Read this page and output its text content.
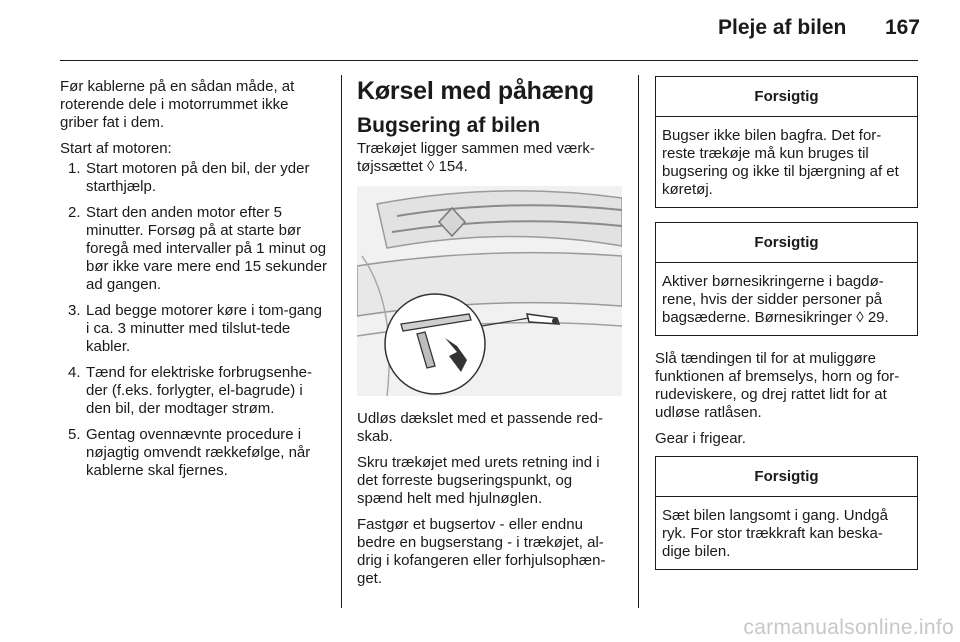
Pleje af bilen 167

Før kablerne på en sådan måde, at roterende dele i motorrummet ikke griber fat i dem.

Start af motoren:

1. Start motoren på den bil, der yder starthjælp.
2. Start den anden motor efter 5 minutter. Forsøg på at starte bør foregå med intervaller på 1 minut og bør ikke vare mere end 15 sekunder ad gangen.
3. Lad begge motorer køre i tom-gang i ca. 3 minutter med tilslut-tede kabler.
4. Tænd for elektriske forbrugsenhe-der (f.eks. forlygter, el-bagrude) i den bil, der modtager strøm.
5. Gentag ovennævnte procedure i nøjagtig omvendt rækkefølge, når kablerne skal fjernes.
Kørsel med påhæng
Bugsering af bilen

Trækøjet ligger sammen med værk-tøjssættet ◊ 154.

Udløs dækslet med et passende red-skab.

Skru trækøjet med urets retning ind i det forreste bugseringspunkt, og spænd helt med hjulnøglen.

Fastgør et bugsertov - eller endnu bedre en bugserstang - i trækøjet, al-drig i kofangeren eller forhjulsophæn-get.

Forsigtig
Bugser ikke bilen bagfra. Det for-reste trækøje må kun bruges til bugsering og ikke til bjærgning af et køretøj.
Forsigtig
Aktiver børnesikringerne i bagdø-rene, hvis der sidder personer på bagsæderne. Børnesikringer ◊ 29.

Slå tændingen til for at muliggøre funktionen af bremselys, horn og for-rudeviskere, og drej rattet lidt for at udløse ratlåsen.

Gear i frigear.

Forsigtig
Sæt bilen langsomt i gang. Undgå ryk. For stor trækkraft kan beska-dige bilen.
carmanualsonline.info
